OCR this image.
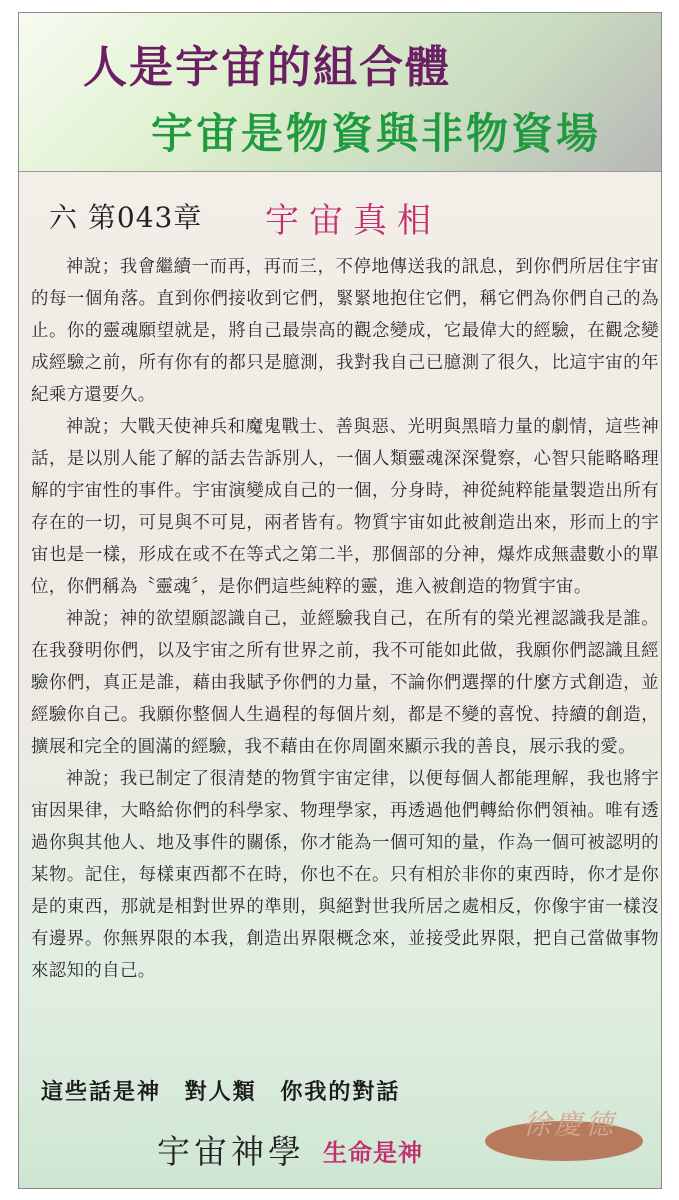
人是宇宙的組合體
宇宙是物資與非物資場
六 第043章 宇宙真相

神說；我會繼續一而再，再而三，不停地傳送我的訊息，到你們所居住宇宙的每一個角落。直到你們接收到它們，緊緊地抱住它們，稱它們為你們自己的為止。你的靈魂願望就是，將自己最崇高的觀念變成，它最偉大的經驗，在觀念變成經驗之前，所有你有的都只是臆測，我對我自己已臆測了很久，比這宇宙的年紀乘方還要久。

神說；大戰天使神兵和魔鬼戰士、善與惡、光明與黑暗力量的劇情，這些神話，是以別人能了解的話去告訴別人，一個人類靈魂深深覺察，心智只能略略理解的宇宙性的事件。宇宙演變成自己的一個，分身時，神從純粹能量製造出所有存在的一切，可見與不可見，兩者皆有。物質宇宙如此被創造出來，形而上的宇宙也是一樣，形成在或不在等式之第二半，那個部的分神，爆炸成無盡數小的單位，你們稱為〝靈魂〞，是你們這些純粹的靈，進入被創造的物質宇宙。

神說；神的欲望願認識自己，並經驗我自己，在所有的榮光裡認識我是誰。在我發明你們，以及宇宙之所有世界之前，我不可能如此做，我願你們認識且經驗你們，真正是誰，藉由我賦予你們的力量，不論你們選擇的什麼方式創造，並經驗你自己。我願你整個人生過程的每個片刻，都是不變的喜悅、持續的創造，擴展和完全的圓滿的經驗，我不藉由在你周圍來顯示我的善良，展示我的愛。

神說；我已制定了很清楚的物質宇宙定律，以便每個人都能理解，我也將宇宙因果律，大略給你們的科學家、物理學家，再透過他們轉給你們領袖。唯有透過你與其他人、地及事件的關係，你才能為一個可知的量，作為一個可被認明的某物。記住，每樣東西都不在時，你也不在。只有相於非你的東西時，你才是你是的東西，那就是相對世界的準則，與絕對世我所居之處相反，你像宇宙一樣沒有邊界。你無界限的本我，創造出界限概念來，並接受此界限，把自己當做事物來認知的自己。

這些話是神 對人類 你我的對話
宇宙神學 生命是神
徐慶德
